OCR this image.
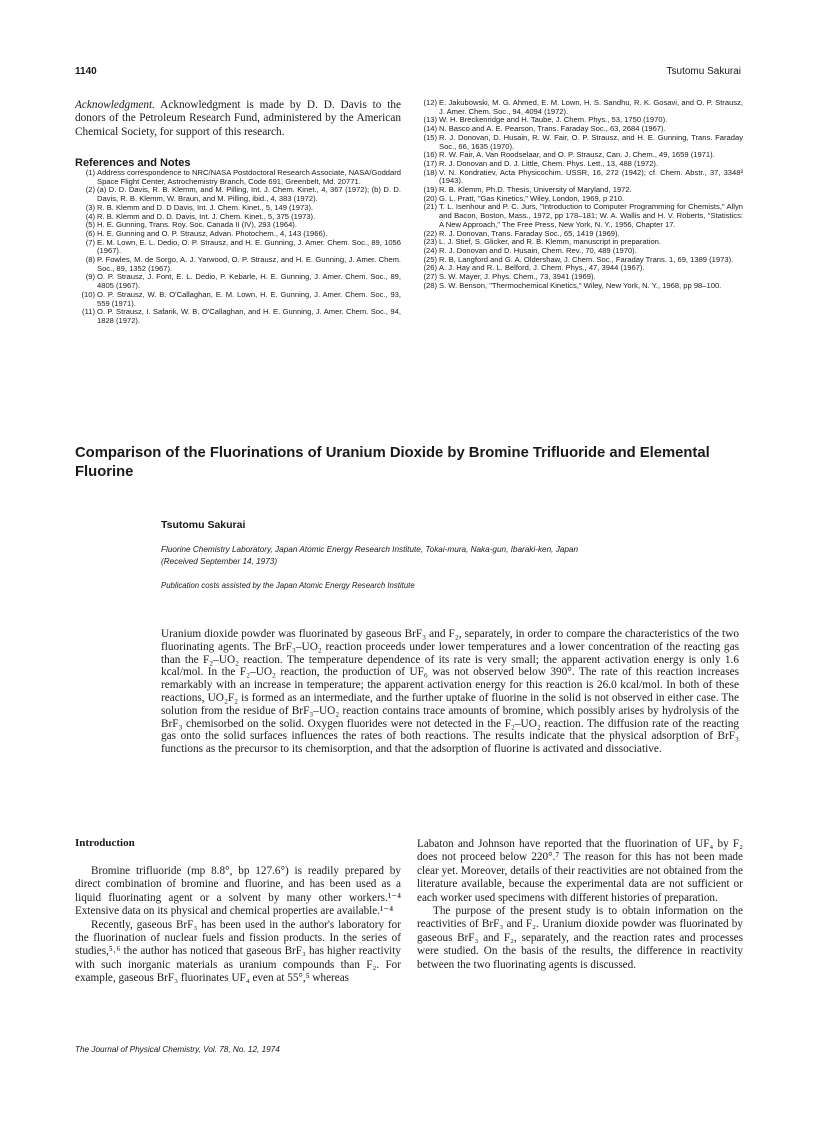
1140	Tsutomu Sakurai
Acknowledgment. Acknowledgment is made by D. D. Davis to the donors of the Petroleum Research Fund, administered by the American Chemical Society, for support of this research.
References and Notes
(1) Address correspondence to NRC/NASA Postdoctoral Research Associate, NASA/Goddard Space Flight Center, Astrochemistry Branch, Code 691, Greenbelt, Md. 20771.
(2) (a) D. D. Davis, R. B. Klemm, and M. Pilling, Int. J. Chem. Kinet., 4, 367 (1972); (b) D. D. Davis, R. B. Klemm, W. Braun, and M. Pilling, ibid., 4, 383 (1972).
(3) R. B. Klemm and D. D Davis, Int. J. Chem. Kinet., 5, 149 (1973).
(4) R. B. Klemm and D. D. Davis, Int. J. Chem. Kinet., 5, 375 (1973).
(5) H. E. Gunning, Trans. Roy. Soc. Canada II (IV), 293 (1964).
(6) H. E. Gunning and O. P. Strausz, Advan. Photochem., 4, 143 (1966).
(7) E. M. Lown, E. L. Dedio, O. P. Strausz, and H. E. Gunning, J. Amer. Chem. Soc., 89, 1056 (1967).
(8) P. Fowles, M. de Sorgo, A. J. Yarwood, O. P. Strausz, and H. E. Gunning, J. Amer. Chem. Soc., 89, 1352 (1967).
(9) O. P. Strausz, J. Font, E. L. Dedio, P. Kebarle, H. E. Gunning, J. Amer. Chem. Soc., 89, 4805 (1967).
(10) O. P. Strausz, W. B. O'Callaghan, E. M. Lown, H. E. Gunning, J. Amer. Chem. Soc., 93, 559 (1971).
(11) O. P. Strausz, I. Safarik, W. B. O'Callaghan, and H. E. Gunning, J. Amer. Chem. Soc., 94, 1828 (1972).
(12) E. Jakubowski, M. G. Ahmed, E. M. Lown, H. S. Sandhu, R. K. Gosavi, and O. P. Strausz, J. Amer. Chem. Soc., 94, 4094 (1972).
(13) W. H. Breckenridge and H. Taube, J. Chem. Phys., 53, 1750 (1970).
(14) N. Basco and A. E. Pearson, Trans. Faraday Soc., 63, 2684 (1967).
(15) R. J. Donovan, D. Husain, R. W. Fair, O. P. Strausz, and H. E. Gunning, Trans. Faraday Soc., 66, 1635 (1970).
(16) R. W. Fair, A. Van Roodselaar, and O. P. Strausz, Can. J. Chem., 49, 1659 (1971).
(17) R. J. Donovan and D. J. Little, Chem. Phys. Lett., 13, 488 (1972).
(18) V. N. Kondratiev, Acta Physicochim. USSR, 16, 272 (1942); cf. Chem. Abstr., 37, 3348² (1943).
(19) R. B. Klemm, Ph.D. Thesis, University of Maryland, 1972.
(20) G. L. Pratt, "Gas Kinetics," Wiley, London, 1969, p 210.
(21) T. L. Isenhour and P. C. Jurs, "Introduction to Computer Programming for Chemists," Allyn and Bacon, Boston, Mass., 1972, pp 178–181; W. A. Wallis and H. V. Roberts, "Statistics: A New Approach," The Free Press, New York, N. Y., 1956, Chapter 17.
(22) R. J. Donovan, Trans. Faraday Soc., 65, 1419 (1969).
(23) L. J. Stief, S. Glicker, and R. B. Klemm, manuscript in preparation.
(24) R. J. Donovan and D. Husain, Chem. Rev., 70, 489 (1970).
(25) R. B. Langford and G. A. Oldershaw, J. Chem. Soc., Faraday Trans. 1, 69, 1389 (1973).
(26) A. J. Hay and R. L. Belford, J. Chem. Phys., 47, 3944 (1967).
(27) S. W. Mayer, J. Phys. Chem., 73, 3941 (1969).
(28) S. W. Benson, "Thermochemical Kinetics," Wiley, New York, N. Y., 1968, pp 98–100.
Comparison of the Fluorinations of Uranium Dioxide by Bromine Trifluoride and Elemental Fluorine
Tsutomu Sakurai
Fluorine Chemistry Laboratory, Japan Atomic Energy Research Institute, Tokai-mura, Naka-gun, Ibaraki-ken, Japan
(Received September 14, 1973)
Publication costs assisted by the Japan Atomic Energy Research Institute
Uranium dioxide powder was fluorinated by gaseous BrF₃ and F₂, separately, in order to compare the characteristics of the two fluorinating agents. The BrF₃–UO₂ reaction proceeds under lower temperatures and a lower concentration of the reacting gas than the F₂–UO₂ reaction. The temperature dependence of its rate is very small; the apparent activation energy is only 1.6 kcal/mol. In the F₂–UO₂ reaction, the production of UF₆ was not observed below 390°. The rate of this reaction increases remarkably with an increase in temperature; the apparent activation energy for this reaction is 26.0 kcal/mol. In both of these reactions, UO₂F₂ is formed as an intermediate, and the further uptake of fluorine in the solid is not observed in either case. The solution from the residue of BrF₃–UO₂ reaction contains trace amounts of bromine, which possibly arises by hydrolysis of the BrF₃ chemisorbed on the solid. Oxygen fluorides were not detected in the F₂–UO₂ reaction. The diffusion rate of the reacting gas onto the solid surfaces influences the rates of both reactions. The results indicate that the physical adsorption of BrF₃ functions as the precursor to its chemisorption, and that the adsorption of fluorine is activated and dissociative.
Introduction

Bromine trifluoride (mp 8.8°, bp 127.6°) is readily prepared by direct combination of bromine and fluorine, and has been used as a liquid fluorinating agent or a solvent by many other workers.¹⁻⁴ Extensive data on its physical and chemical properties are available.¹⁻⁴

Recently, gaseous BrF₃ has been used in the author's laboratory for the fluorination of nuclear fuels and fission products. In the series of studies,⁵˒⁶ the author has noticed that gaseous BrF₃ has higher reactivity with such inorganic materials as uranium compounds than F₂. For example, gaseous BrF₃ fluorinates UF₄ even at 55°,⁵ whereas

Labaton and Johnson have reported that the fluorination of UF₄ by F₂ does not proceed below 220°.⁷ The reason for this has not been made clear yet. Moreover, details of their reactivities are not obtained from the literature available, because the experimental data are not sufficient or each worker used specimens with different histories of preparation.

The purpose of the present study is to obtain information on the reactivities of BrF₃ and F₂. Uranium dioxide powder was fluorinated by gaseous BrF₃ and F₂, separately, and the reaction rates and processes were studied. On the basis of the results, the difference in reactivity between the two fluorinating agents is discussed.

The Journal of Physical Chemistry, Vol. 78, No. 12, 1974
